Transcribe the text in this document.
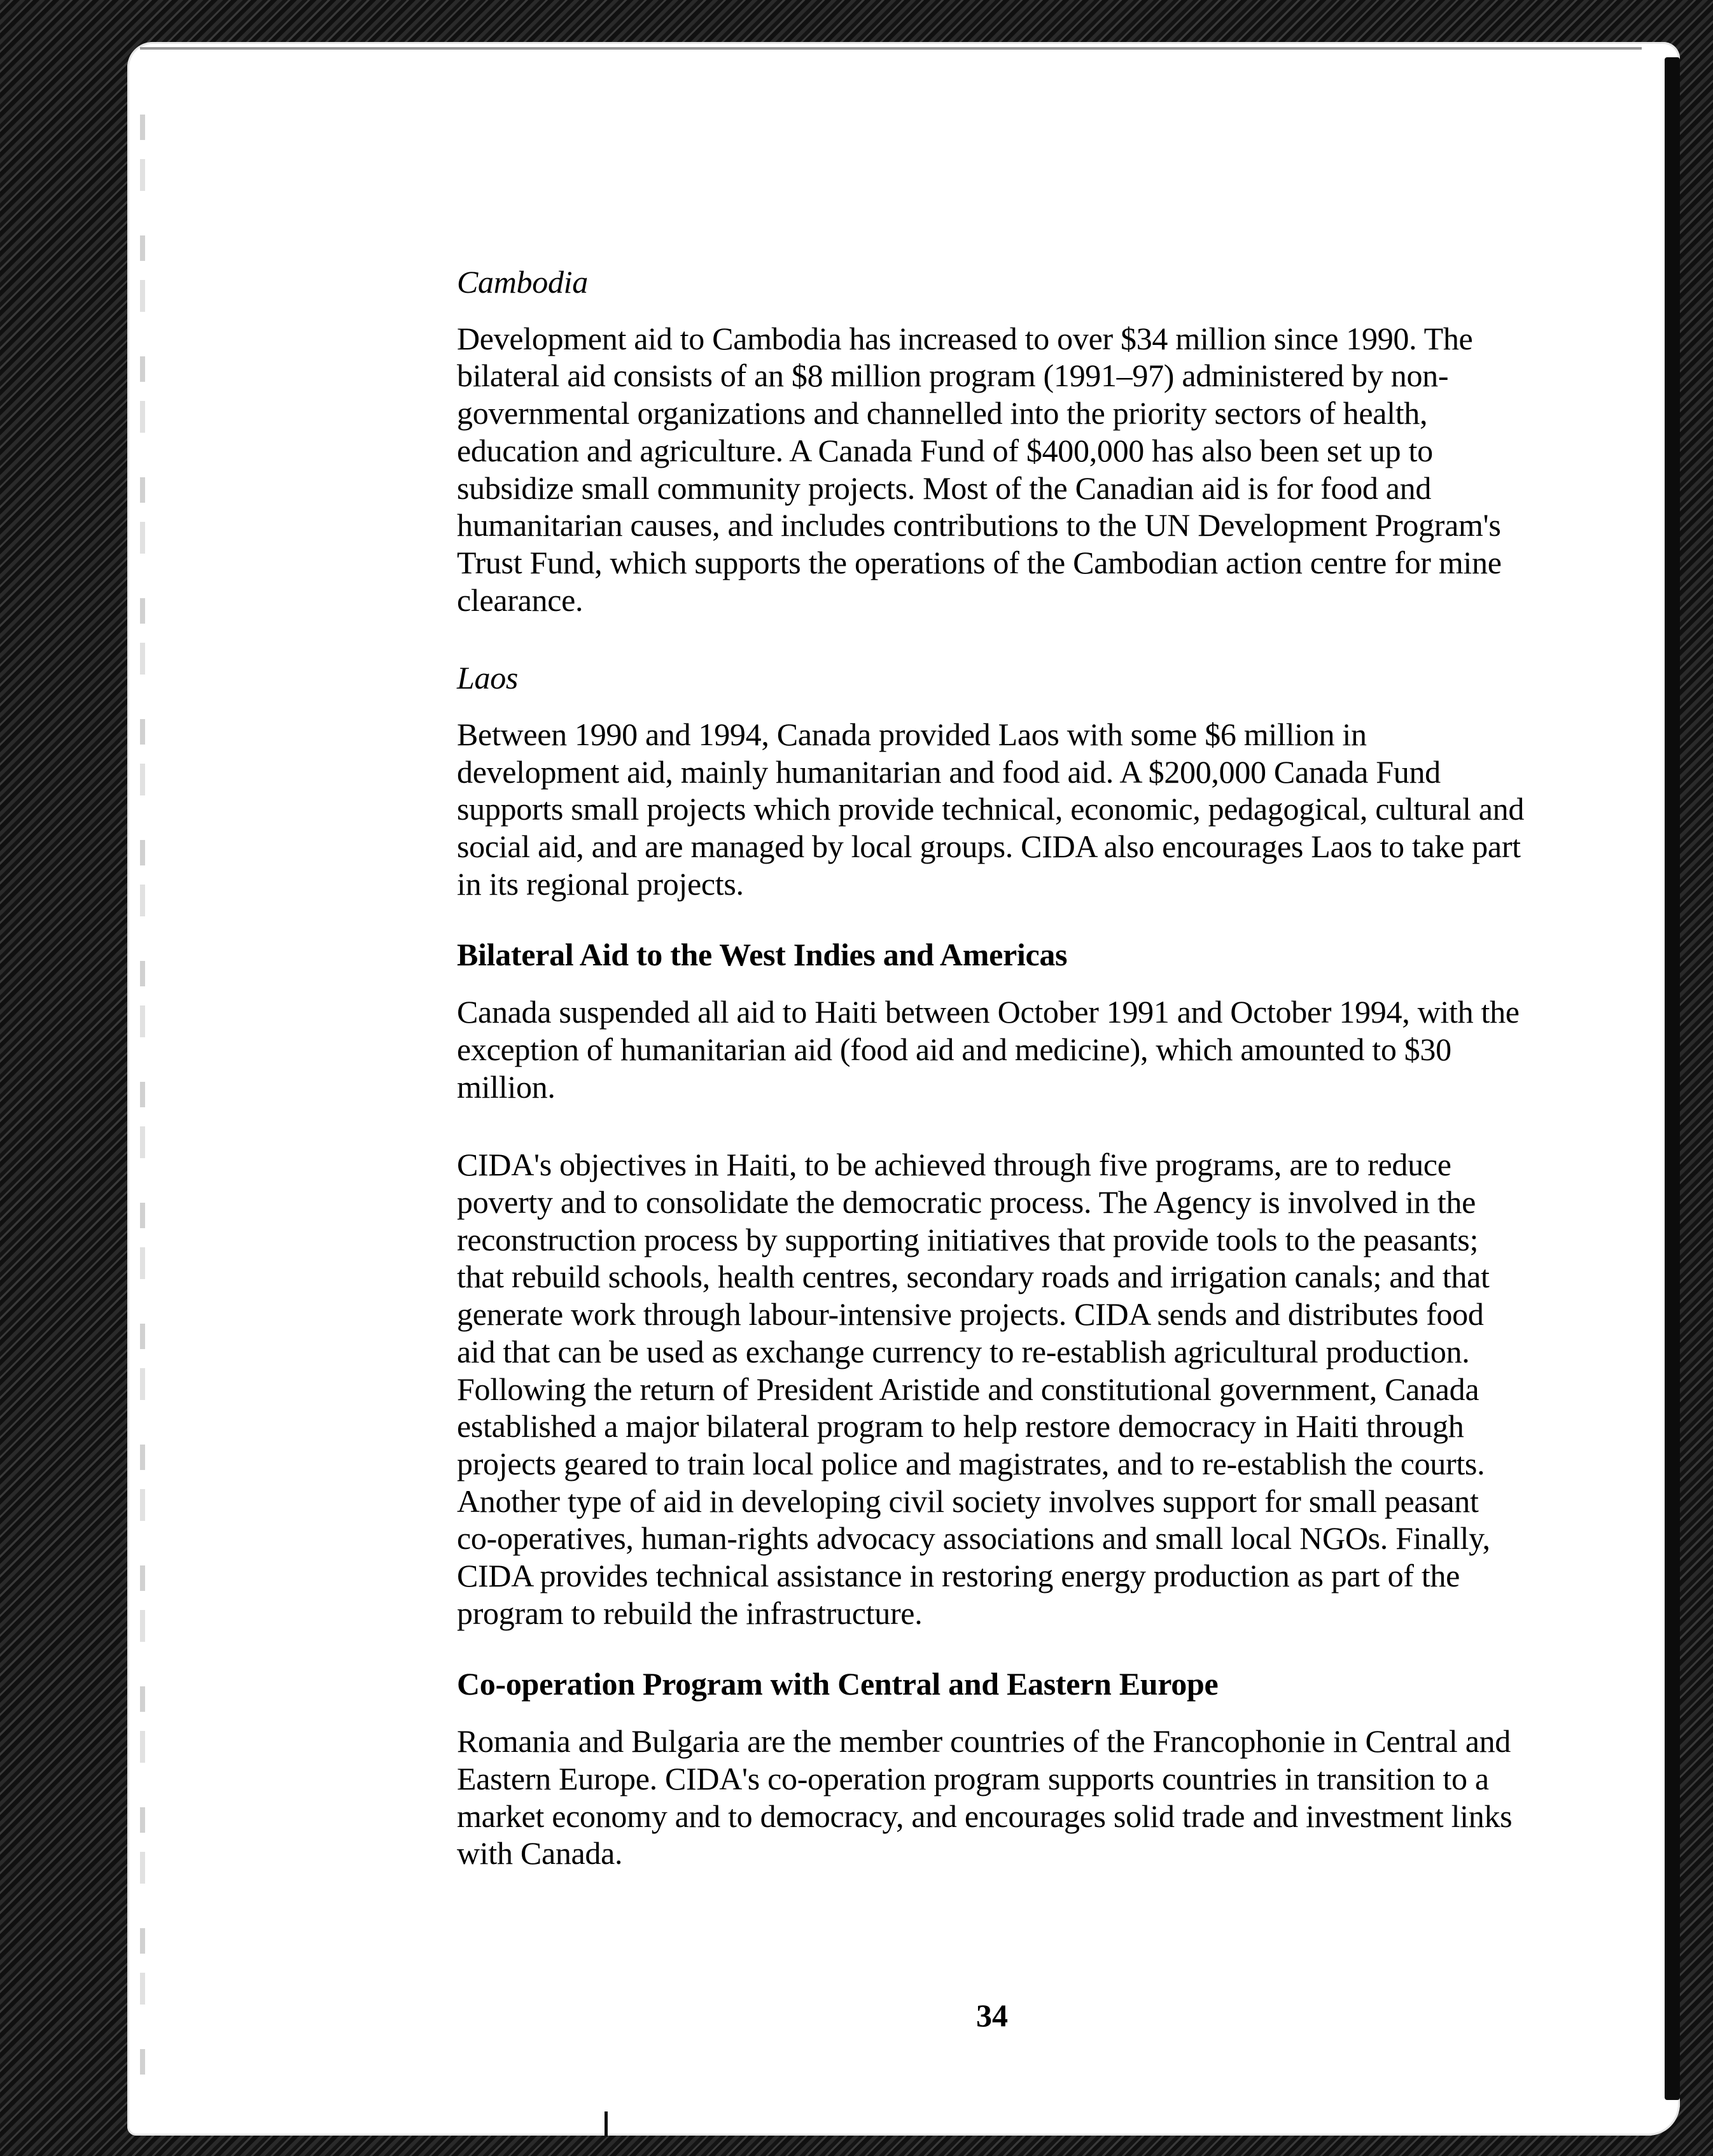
Cambodia

Development aid to Cambodia has increased to over $34 million since 1990. The bilateral aid consists of an $8 million program (1991–97) administered by non-governmental organizations and channelled into the priority sectors of health, education and agriculture. A Canada Fund of $400,000 has also been set up to subsidize small community projects. Most of the Canadian aid is for food and humanitarian causes, and includes contributions to the UN Development Program's Trust Fund, which supports the operations of the Cambodian action centre for mine clearance.

Laos

Between 1990 and 1994, Canada provided Laos with some $6 million in development aid, mainly humanitarian and food aid. A $200,000 Canada Fund supports small projects which provide technical, economic, pedagogical, cultural and social aid, and are managed by local groups. CIDA also encourages Laos to take part in its regional projects.

Bilateral Aid to the West Indies and Americas

Canada suspended all aid to Haiti between October 1991 and October 1994, with the exception of humanitarian aid (food aid and medicine), which amounted to $30 million.

CIDA's objectives in Haiti, to be achieved through five programs, are to reduce poverty and to consolidate the democratic process. The Agency is involved in the reconstruction process by supporting initiatives that provide tools to the peasants; that rebuild schools, health centres, secondary roads and irrigation canals; and that generate work through labour-intensive projects. CIDA sends and distributes food aid that can be used as exchange currency to re-establish agricultural production. Following the return of President Aristide and constitutional government, Canada established a major bilateral program to help restore democracy in Haiti through projects geared to train local police and magistrates, and to re-establish the courts. Another type of aid in developing civil society involves support for small peasant co-operatives, human-rights advocacy associations and small local NGOs. Finally, CIDA provides technical assistance in restoring energy production as part of the program to rebuild the infrastructure.

Co-operation Program with Central and Eastern Europe

Romania and Bulgaria are the member countries of the Francophonie in Central and Eastern Europe. CIDA's co-operation program supports countries in transition to a market economy and to democracy, and encourages solid trade and investment links with Canada.

34
